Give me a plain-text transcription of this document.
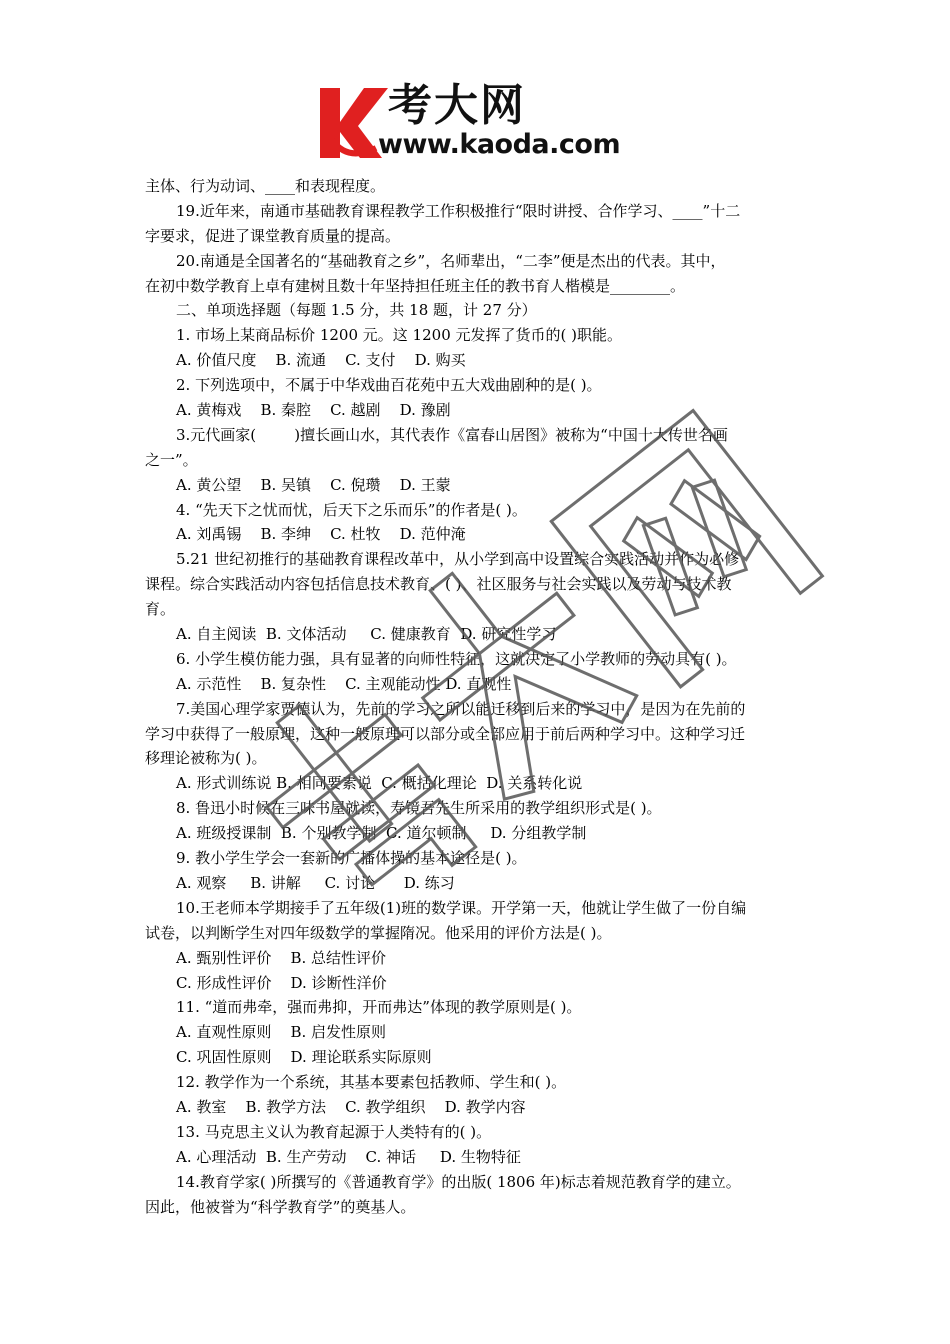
考大网
www.kaoda.com
主体、行为动词、____和表现程度。
19.近年来，南通市基础教育课程教学工作积极推行“限时讲授、合作学习、____”十二
字要求，促进了课堂教育质量的提高。
20.南通是全国著名的“基础教育之乡”，名师辈出，“二李”便是杰出的代表。其中，
在初中数学教育上卓有建树且数十年坚持担任班主任的教书育人楷模是________。
二、单项选择题（每题 1.5 分，共 18 题，计 27 分）
1. 市场上某商品标价 1200 元。这 1200 元发挥了货币的( )职能。
A. 价值尺度    B. 流通    C. 支付    D. 购买
2. 下列选项中，不属于中华戏曲百花苑中五大戏曲剧种的是( )。
A. 黄梅戏    B. 秦腔    C. 越剧    D. 豫剧
3.元代画家(        )擅长画山水，其代表作《富春山居图》被称为“中国十大传世名画
之一”。
A. 黄公望    B. 吴镇    C. 倪瓒    D. 王蒙
4. “先天下之忧而忧，后天下之乐而乐”的作者是( )。
A. 刘禹锡    B. 李绅    C. 杜牧    D. 范仲淹
5.21 世纪初推行的基础教育课程改革中，从小学到高中设置综合实践活动并作为必修
课程。综合实践活动内容包括信息技术教育、( )、社区服务与社会实践以及劳动与技术教
育。
A. 自主阅读  B. 文体活动     C. 健康教育  D. 研究性学习
6. 小学生模仿能力强，具有显著的向师性特征，这就决定了小学教师的劳动具有( )。
A. 示范性    B. 复杂性    C. 主观能动性 D. 直观性
7.美国心理学家贾德认为，先前的学习之所以能迁移到后来的学习中，是因为在先前的
学习中获得了一般原理，这种一般原理可以部分或全部应用于前后两种学习中。这种学习迁
移理论被称为( )。
A. 形式训练说 B. 相同要素说  C. 概括化理论  D. 关系转化说
8. 鲁迅小时候在三味书屋就读，寿镜吾先生所采用的教学组织形式是( )。
A. 班级授课制  B. 个别教学制  C. 道尔顿制     D. 分组教学制
9. 教小学生学会一套新的广播体操的基本途径是( )。
A. 观察     B. 讲解     C. 讨论      D. 练习
10.王老师本学期接手了五年级(1)班的数学课。开学第一天，他就让学生做了一份自编
试卷，以判断学生对四年级数学的掌握隋况。他采用的评价方法是( )。
A. 甄别性评价    B. 总结性评价
C. 形成性评价    D. 诊断性洋价
11. “道而弗牵，强而弗抑，开而弗达”体现的教学原则是( )。
A. 直观性原则    B. 启发性原则
C. 巩固性原则    D. 理论联系实际原则
12. 教学作为一个系统，其基本要素包括教师、学生和( )。
A. 教室    B. 教学方法    C. 教学组织    D. 教学内容
13. 马克思主义认为教育起源于人类特有的( )。
A. 心理活动  B. 生产劳动    C. 神话     D. 生物特征
14.教育学家( )所撰写的《普通教育学》的出版( 1806 年)标志着规范教育学的建立。
因此，他被誉为“科学教育学”的奠基人。
